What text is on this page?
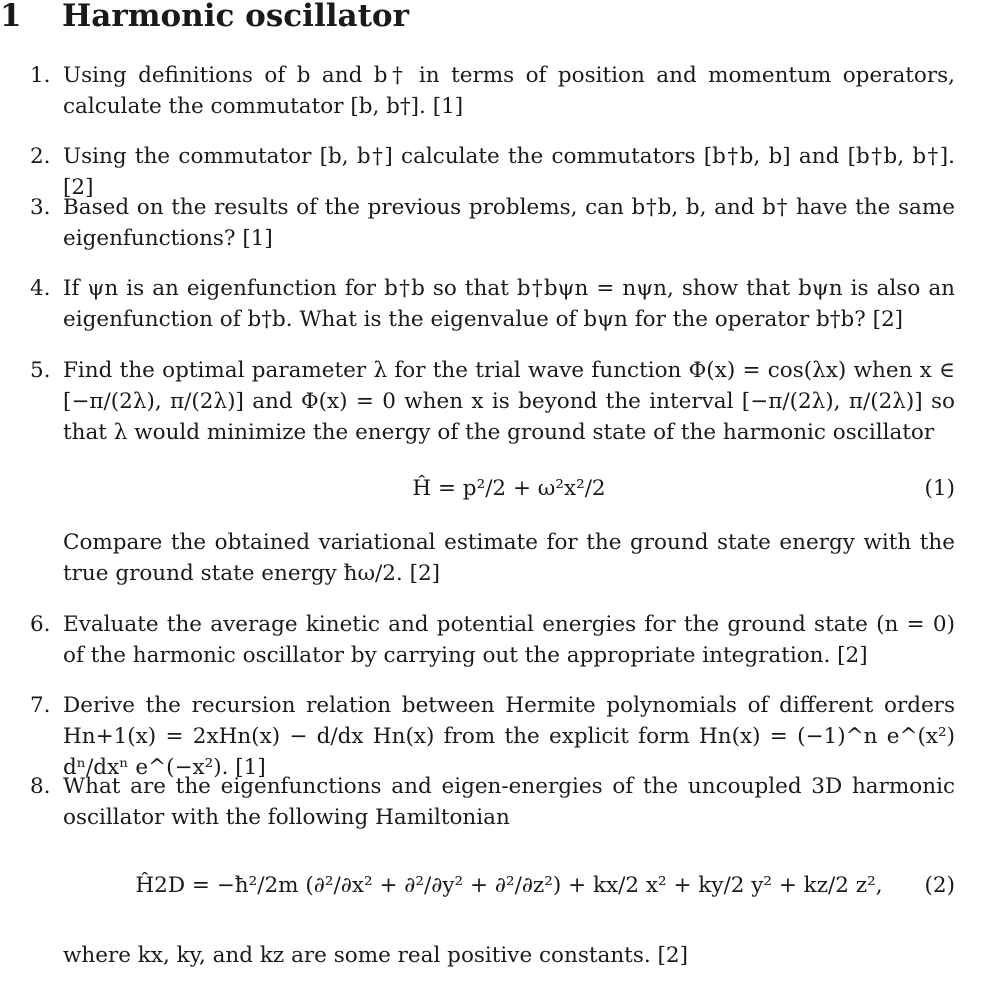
1 Harmonic oscillator
1. Using definitions of b and b† in terms of position and momentum operators, calculate the commutator [b, b†]. [1]
2. Using the commutator [b, b†] calculate the commutators [b†b, b] and [b†b, b†]. [2]
3. Based on the results of the previous problems, can b†b, b, and b† have the same eigenfunctions? [1]
4. If ψn is an eigenfunction for b†b so that b†bψn = nψn, show that bψn is also an eigenfunction of b†b. What is the eigenvalue of bψn for the operator b†b? [2]
5. Find the optimal parameter λ for the trial wave function Φ(x) = cos(λx) when x ∈ [−π/(2λ), π/(2λ)] and Φ(x) = 0 when x is beyond the interval [−π/(2λ), π/(2λ)] so that λ would minimize the energy of the ground state of the harmonic oscillator
Ĥ = p²/2 + ω²x²/2	(1)
Compare the obtained variational estimate for the ground state energy with the true ground state energy ħω/2. [2]
6. Evaluate the average kinetic and potential energies for the ground state (n = 0) of the harmonic oscillator by carrying out the appropriate integration. [2]
7. Derive the recursion relation between Hermite polynomials of different orders Hn+1(x) = 2xHn(x) − d/dx Hn(x) from the explicit form Hn(x) = (−1)^n e^(x²) dⁿ/dxⁿ e^(−x²). [1]
8. What are the eigenfunctions and eigen-energies of the uncoupled 3D harmonic oscillator with the following Hamiltonian
Ĥ2D = −ħ²/2m (∂²/∂x² + ∂²/∂y² + ∂²/∂z²) + kx/2 x² + ky/2 y² + kz/2 z²,	(2)
where kx, ky, and kz are some real positive constants. [2]
